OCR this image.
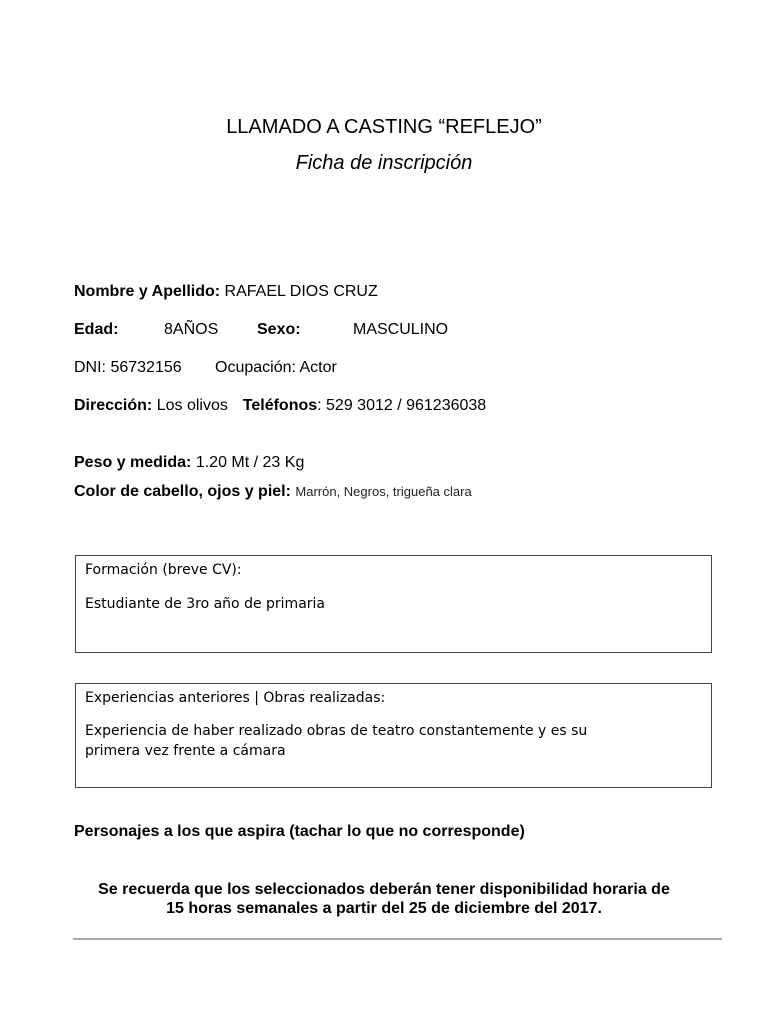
LLAMADO A CASTING “REFLEJO”
Ficha de inscripción
Nombre y Apellido: RAFAEL DIOS CRUZ
Edad:	8AÑOS Sexo:	MASCULINO
DNI: 56732156 Ocupación: Actor
Dirección: Los olivos Teléfonos: 529 3012 / 961236038
Peso y medida: 1.20 Mt / 23 Kg
Color de cabello, ojos y piel: Marrón, Negros, trigueña clara
Formación (breve CV):
Estudiante de 3ro año de primaria
Experiencias anteriores | Obras realizadas:
Experiencia de haber realizado obras de teatro constantemente y es su
primera vez frente a cámara
Personajes a los que aspira (tachar lo que no corresponde)
Se recuerda que los seleccionados deberán tener disponibilidad horaria de
15 horas semanales a partir del 25 de diciembre del 2017.
